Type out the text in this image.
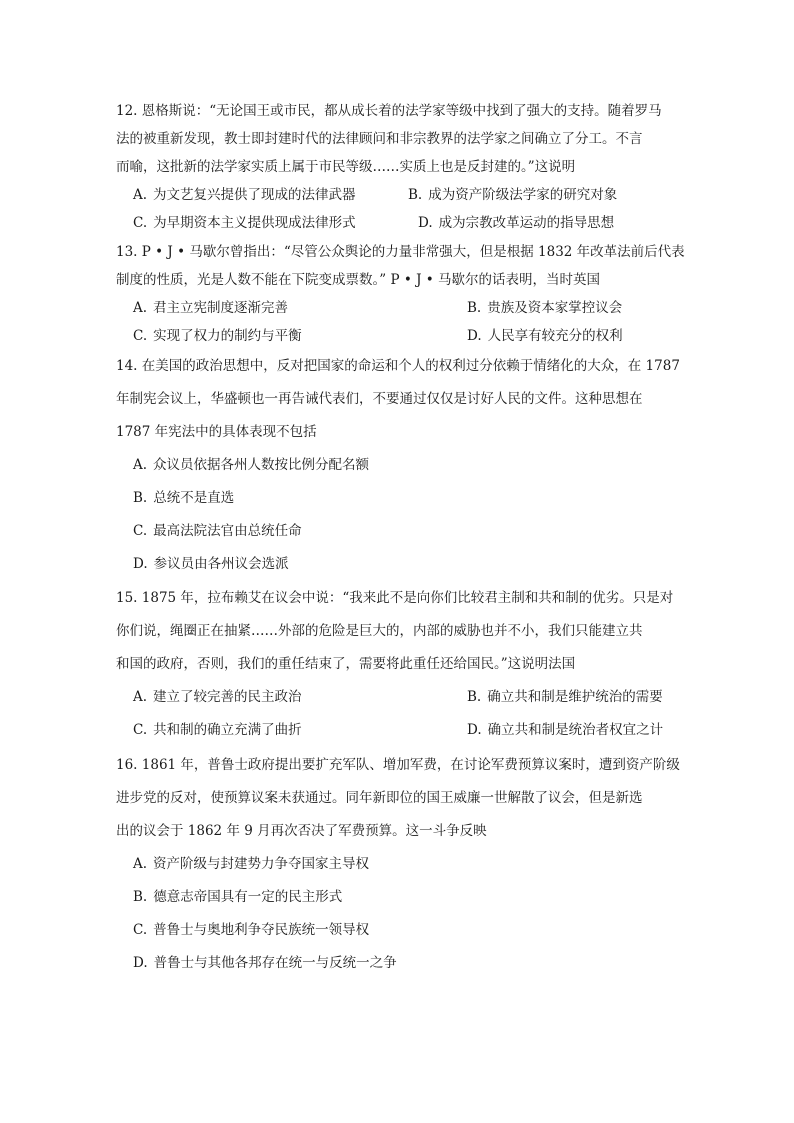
12. 恩格斯说：“无论国王或市民，都从成长着的法学家等级中找到了强大的支持。随着罗马
法的被重新发现，教士即封建时代的法律顾问和非宗教界的法学家之间确立了分工。不言
而喻，这批新的法学家实质上属于市民等级……实质上也是反封建的。”这说明
A. 为文艺复兴提供了现成的法律武器	B. 成为资产阶级法学家的研究对象
C. 为早期资本主义提供现成法律形式	D. 成为宗教改革运动的指导思想
13. P • J • 马歇尔曾指出：“尽管公众舆论的力量非常强大，但是根据 1832 年改革法前后代表
制度的性质，光是人数不能在下院变成票数。” P • J • 马歇尔的话表明，当时英国
A. 君主立宪制度逐渐完善	B. 贵族及资本家掌控议会
C. 实现了权力的制约与平衡	D. 人民享有较充分的权利
14. 在美国的政治思想中，反对把国家的命运和个人的权利过分依赖于情绪化的大众，在 1787
年制宪会议上，华盛顿也一再告诫代表们，不要通过仅仅是讨好人民的文件。这种思想在
1787 年宪法中的具体表现不包括
A. 众议员依据各州人数按比例分配名额
B. 总统不是直选
C. 最高法院法官由总统任命
D. 参议员由各州议会选派
15. 1875 年，拉布赖艾在议会中说：“我来此不是向你们比较君主制和共和制的优劣。只是对
你们说，绳圈正在抽紧……外部的危险是巨大的，内部的威胁也并不小，我们只能建立共
和国的政府，否则，我们的重任结束了，需要将此重任还给国民。”这说明法国
A. 建立了较完善的民主政治	B. 确立共和制是维护统治的需要
C. 共和制的确立充满了曲折	D. 确立共和制是统治者权宜之计
16. 1861 年，普鲁士政府提出要扩充军队、增加军费，在讨论军费预算议案时，遭到资产阶级
进步党的反对，使预算议案未获通过。同年新即位的国王威廉一世解散了议会，但是新选
出的议会于 1862 年 9 月再次否决了军费预算。这一斗争反映
A. 资产阶级与封建势力争夺国家主导权
B. 德意志帝国具有一定的民主形式
C. 普鲁士与奥地利争夺民族统一领导权
D. 普鲁士与其他各邦存在统一与反统一之争
